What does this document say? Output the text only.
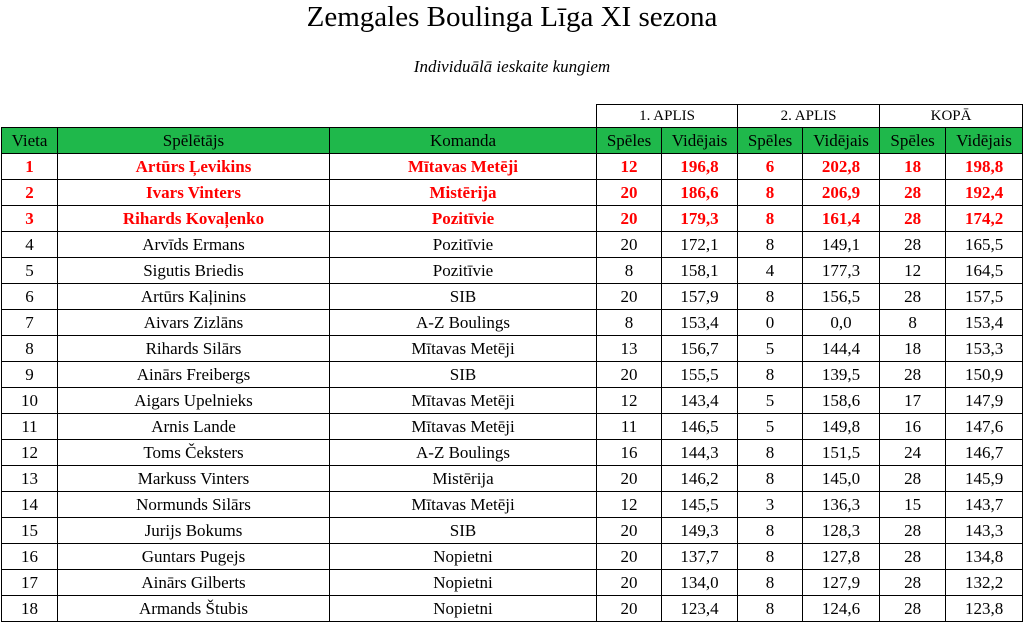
Zemgales Boulinga Līga XI sezona
Individuālā ieskaite kungiem
			1. APLIS		2. APLIS		KOPĀ	
Vieta	Spēlētājs	Komanda	Spēles	Vidējais	Spēles	Vidējais	Spēles	Vidējais
1	Artūrs Ļevikins	Mītavas Metēji	12	196,8	6	202,8	18	198,8
2	Ivars Vinters	Mistērija	20	186,6	8	206,9	28	192,4
3	Rihards Kovaļenko	Pozitīvie	20	179,3	8	161,4	28	174,2
4	Arvīds Ermans	Pozitīvie	20	172,1	8	149,1	28	165,5
5	Sigutis Briedis	Pozitīvie	8	158,1	4	177,3	12	164,5
6	Artūrs Kaļinins	SIB	20	157,9	8	156,5	28	157,5
7	Aivars Zizlāns	A-Z Boulings	8	153,4	0	0,0	8	153,4
8	Rihards Silārs	Mītavas Metēji	13	156,7	5	144,4	18	153,3
9	Ainārs Freibergs	SIB	20	155,5	8	139,5	28	150,9
10	Aigars Upelnieks	Mītavas Metēji	12	143,4	5	158,6	17	147,9
11	Arnis Lande	Mītavas Metēji	11	146,5	5	149,8	16	147,6
12	Toms Čeksters	A-Z Boulings	16	144,3	8	151,5	24	146,7
13	Markuss Vinters	Mistērija	20	146,2	8	145,0	28	145,9
14	Normunds Silārs	Mītavas Metēji	12	145,5	3	136,3	15	143,7
15	Jurijs Bokums	SIB	20	149,3	8	128,3	28	143,3
16	Guntars Pugejs	Nopietni	20	137,7	8	127,8	28	134,8
17	Ainārs Gilberts	Nopietni	20	134,0	8	127,9	28	132,2
18	Armands Štubis	Nopietni	20	123,4	8	124,6	28	123,8
